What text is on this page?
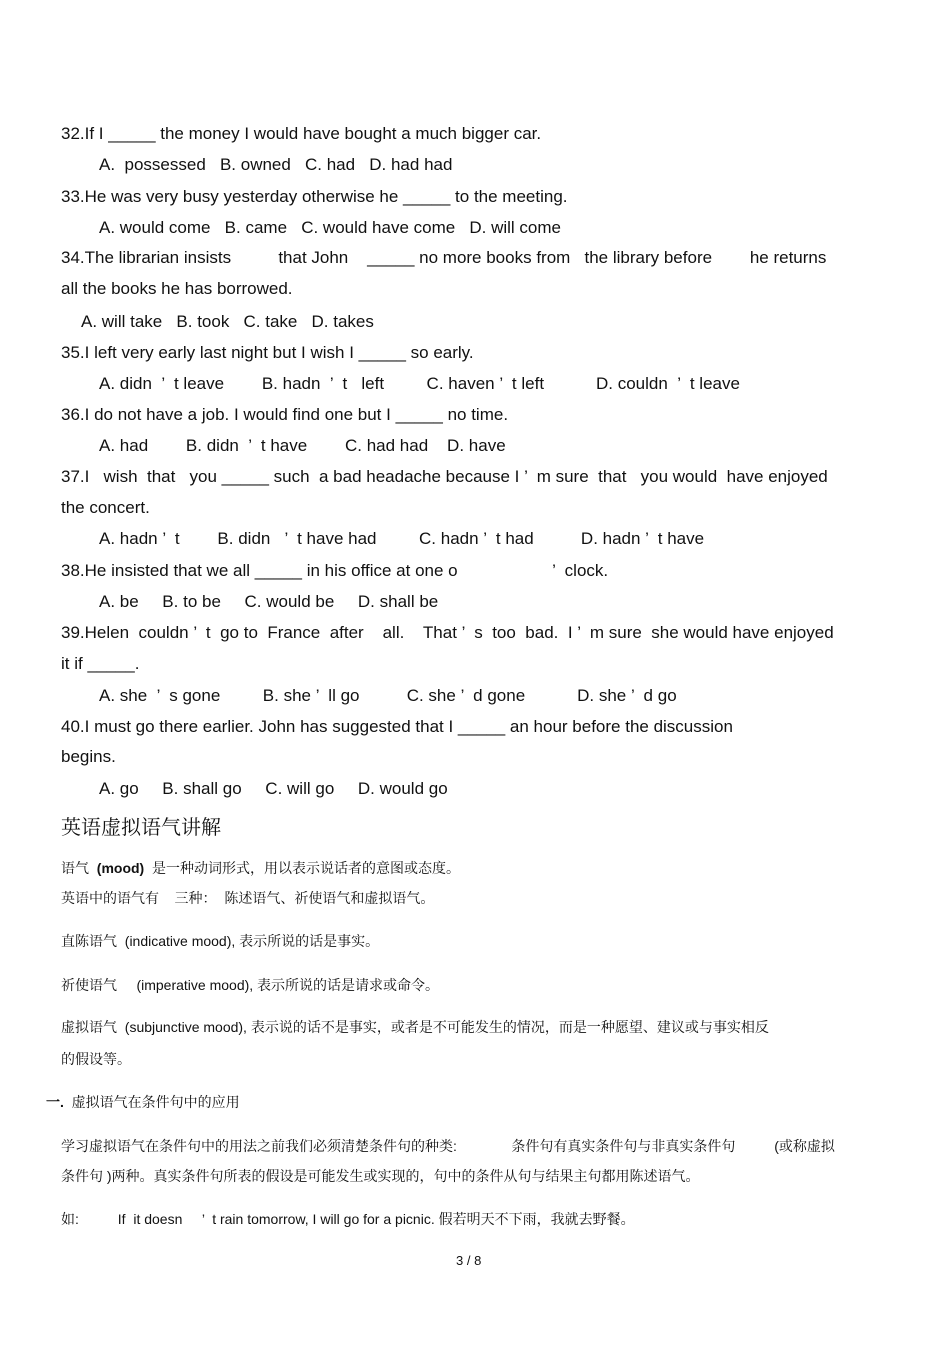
32.If I _____ the money I would have bought a much bigger car.
A.  possessed   B. owned   C. had   D. had had
33.He was very busy yesterday otherwise he _____ to the meeting.
A. would come   B. came   C. would have come   D. will come
34.The librarian insists          that John    _____ no more books from   the library before        he returns
all the books he has borrowed.
A. will take   B. took   C. take   D. takes
35.I left very early last night but I wish I _____ so early.
A. didn  ’  t leave        B. hadn  ’  t   left         C. haven ’  t left           D. couldn  ’  t leave
36.I do not have a job. I would find one but I _____ no time.
A. had        B. didn  ’  t have        C. had had    D. have
37.I   wish  that   you _____ such  a bad headache because I ’  m sure  that   you would  have enjoyed
the concert.
A. hadn ’  t        B. didn   ’  t have had         C. hadn ’  t had          D. hadn ’  t have
38.He insisted that we all _____ in his office at one o                    ’  clock.
A. be     B. to be     C. would be     D. shall be
39.Helen  couldn ’  t  go to  France  after    all.    That ’  s  too  bad.  I ’  m sure  she would have enjoyed
it if _____.
A. she  ’  s gone         B. she ’  ll go          C. she ’  d gone           D. she ’  d go
40.I must go there earlier. John has suggested that I _____ an hour before the discussion
begins.
A. go     B. shall go     C. will go     D. would go
英语虚拟语气讲解
语气  (mood)  是一种动词形式，用以表示说话者的意图或态度。
英语中的语气有    三种：  陈述语气、祈使语气和虚拟语气。
直陈语气  (indicative mood), 表示所说的话是事实。
祈使语气     (imperative mood), 表示所说的话是请求或命令。
虚拟语气  (subjunctive mood), 表示说的话不是事实，或者是不可能发生的情况，而是一种愿望、建议或与事实相反
的假设等。
一.  虚拟语气在条件句中的应用
学习虚拟语气在条件句中的用法之前我们必须清楚条件句的种类:              条件句有真实条件句与非真实条件句          (或称虚拟
条件句 )两种。真实条件句所表的假设是可能发生或实现的，句中的条件从句与结果主句都用陈述语气。
如:          If  it doesn     ’  t rain tomorrow, I will go for a picnic. 假若明天不下雨，我就去野餐。
3 / 8
